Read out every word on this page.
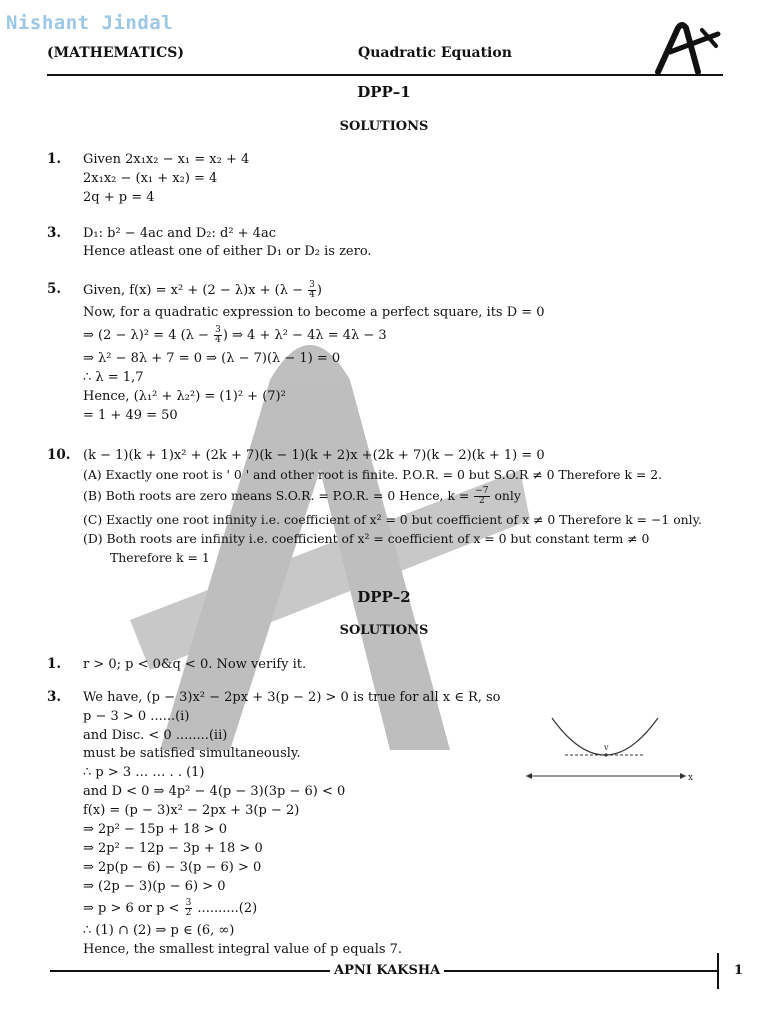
Nishant Jindal
(MATHEMATICS)	Quadratic Equation
DPP–1
SOLUTIONS
1. Given 2x₁x₂ − x₁ = x₂ + 4
2x₁x₂ − (x₁ + x₂) = 4
2q + p = 4
3. D₁: b² − 4ac and D₂: d² + 4ac
Hence atleast one of either D₁ or D₂ is zero.
5. Given, $f(x) = x^2 + (2 - \lambda)x + (\lambda - \frac{3}{4}$ )
Now, for a quadratic expression to become a perfect square, its D = 0
⇒ (2 − λ)² = 4 ($\lambda - \frac{3}{4}$ ) ⇒ 4 + λ² − 4λ = 4λ − 3
⇒ λ² − 8λ + 7 = 0 ⇒ (λ − 7)(λ − 1) = 0
∴ λ = 1,7
Hence, (λ₁² + λ₂²) = (1)² + (7)²
= 1 + 49 = 50
10. (k − 1)(k + 1)x² + (2k + 7)(k − 1)(k + 2)x +(2k + 7)(k − 2)(k + 1) = 0
(A) Exactly one root is ' 0 ' and other root is finite. P.O.R. = 0 but S.O.R ≠ 0 Therefore k = 2.
(B) Both roots are zero means S.O.R. = P.O.R. = 0 Hence, $k = \frac{-7}{2}$ only
(C) Exactly one root infinity i.e. coefficient of x² = 0 but coefficient of x ≠ 0 Therefore k = −1 only.
(D) Both roots are infinity i.e. coefficient of x² = coefficient of x = 0 but constant term ≠ 0
Therefore k = 1
DPP–2
SOLUTIONS
1. r > 0; p < 0&q < 0. Now verify it.
3. We have, (p − 3)x² − 2px + 3(p − 2) > 0 is true for all x ∈ R, so
p − 3 > 0 ......(i)
and Disc. < 0 ........(ii)
must be satisfied simultaneously.
∴ p > 3 … … . . (1)
and D < 0 ⇒ 4p² − 4(p − 3)(3p − 6) < 0
f(x) = (p − 3)x² − 2px + 3(p − 2)
⇒ 2p² − 15p + 18 > 0
⇒ 2p² − 12p − 3p + 18 > 0
⇒ 2p(p − 6) − 3(p − 6) > 0
⇒ (2p − 3)(p − 6) > 0
⇒ p > 6 or $p < \frac{3}{2} ..........(2)$
∴ (1) ∩ (2) ⇒ p ∈ (6, ∞)
Hence, the smallest integral value of p equals 7.
v
x
APNI KAKSHA	1
